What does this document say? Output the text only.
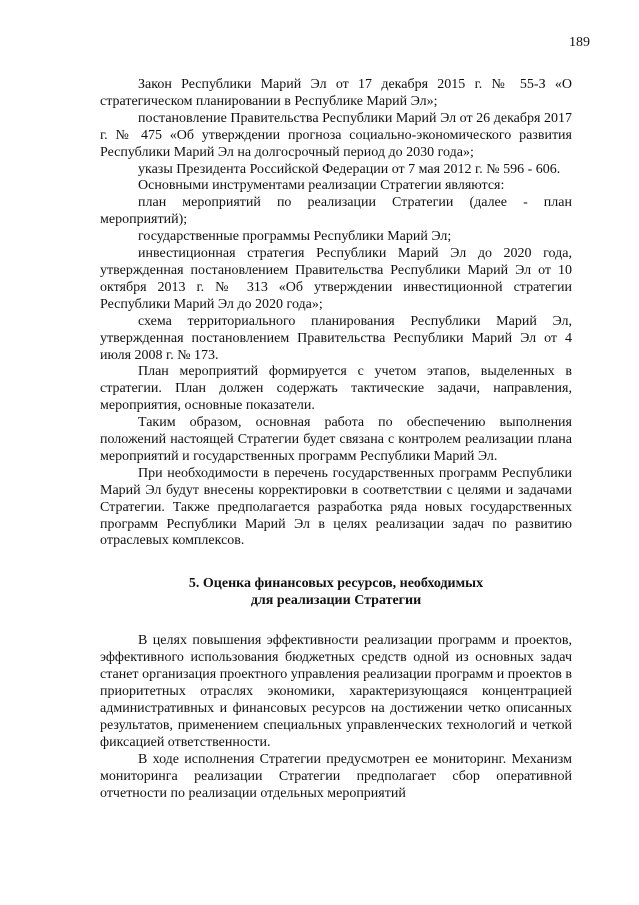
189

Закон Республики Марий Эл от 17 декабря 2015 г. № 55-З «О стратегическом планировании в Республике Марий Эл»;

постановление Правительства Республики Марий Эл от 26 декабря 2017 г. № 475 «Об утверждении прогноза социально-экономического развития Республики Марий Эл на долгосрочный период до 2030 года»;

указы Президента Российской Федерации от 7 мая 2012 г. № 596 - 606.

Основными инструментами реализации Стратегии являются:

план мероприятий по реализации Стратегии (далее - план мероприятий);

государственные программы Республики Марий Эл;

инвестиционная стратегия Республики Марий Эл до 2020 года, утвержденная постановлением Правительства Республики Марий Эл от 10 октября 2013 г. № 313 «Об утверждении инвестиционной стратегии Республики Марий Эл до 2020 года»;

схема территориального планирования Республики Марий Эл, утвержденная постановлением Правительства Республики Марий Эл от 4 июля 2008 г. № 173.

План мероприятий формируется с учетом этапов, выделенных в стратегии. План должен содержать тактические задачи, направления, мероприятия, основные показатели.

Таким образом, основная работа по обеспечению выполнения положений настоящей Стратегии будет связана с контролем реализации плана мероприятий и государственных программ Республики Марий Эл.

При необходимости в перечень государственных программ Республики Марий Эл будут внесены корректировки в соответствии с целями и задачами Стратегии. Также предполагается разработка ряда новых государственных программ Республики Марий Эл в целях реализации задач по развитию отраслевых комплексов.

5. Оценка финансовых ресурсов, необходимых
для реализации Стратегии

В целях повышения эффективности реализации программ и проектов, эффективного использования бюджетных средств одной из основных задач станет организация проектного управления реализации программ и проектов в приоритетных отраслях экономики, характеризующаяся концентрацией административных и финансовых ресурсов на достижении четко описанных результатов, применением специальных управленческих технологий и четкой фиксацией ответственности.

В ходе исполнения Стратегии предусмотрен ее мониторинг. Механизм мониторинга реализации Стратегии предполагает сбор оперативной отчетности по реализации отдельных мероприятий
